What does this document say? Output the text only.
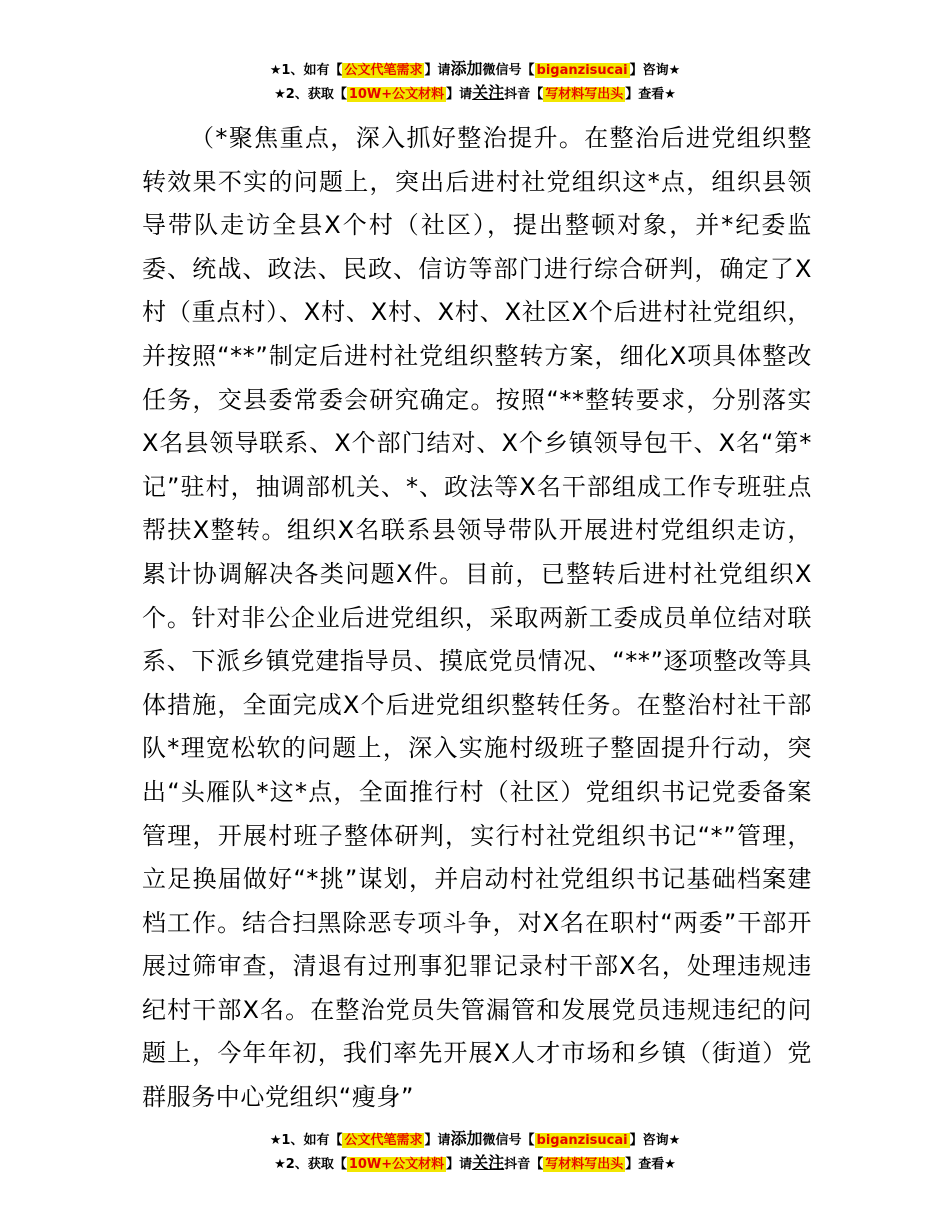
★1、如有【 公文代笔需求 】请添加微信号【 biganzisucai 】咨询★
★2、获取【 10W+公文材料 】请关注抖音【 写材料写出头 】查看★

（*聚焦重点，深入抓好整治提升。在整治后进党组织整转效果不实的问题上，突出后进村社党组织这*点，组织县领导带队走访全县X个村（社区），提出整顿对象，并*纪委监委、统战、政法、民政、信访等部门进行综合研判，确定了X村（重点村）、X村、X村、X村、X社区X个后进村社党组织，并按照“**”制定后进村社党组织整转方案，细化X项具体整改任务，交县委常委会研究确定。按照“**整转要求，分别落实X名县领导联系、X个部门结对、X个乡镇领导包干、X名“第*记”驻村，抽调部机关、*、政法等X名干部组成工作专班驻点帮扶X整转。组织X名联系县领导带队开展进村党组织走访，累计协调解决各类问题X件。目前，已整转后进村社党组织X个。针对非公企业后进党组织，采取两新工委成员单位结对联系、下派乡镇党建指导员、摸底党员情况、“**”逐项整改等具体措施，全面完成X个后进党组织整转任务。在整治村社干部队*理宽松软的问题上，深入实施村级班子整固提升行动，突出“头雁队*这*点，全面推行村（社区）党组织书记党委备案管理，开展村班子整体研判，实行村社党组织书记“*”管理，立足换届做好“*挑”谋划，并启动村社党组织书记基础档案建档工作。结合扫黑除恶专项斗争，对X名在职村“两委”干部开展过筛审查，清退有过刑事犯罪记录村干部X名，处理违规违纪村干部X名。在整治党员失管漏管和发展党员违规违纪的问题上，今年年初，我们率先开展X人才市场和乡镇（街道）党群服务中心党组织“瘦身”

★1、如有【 公文代笔需求 】请添加微信号【 biganzisucai 】咨询★
★2、获取【 10W+公文材料 】请关注抖音【 写材料写出头 】查看★
